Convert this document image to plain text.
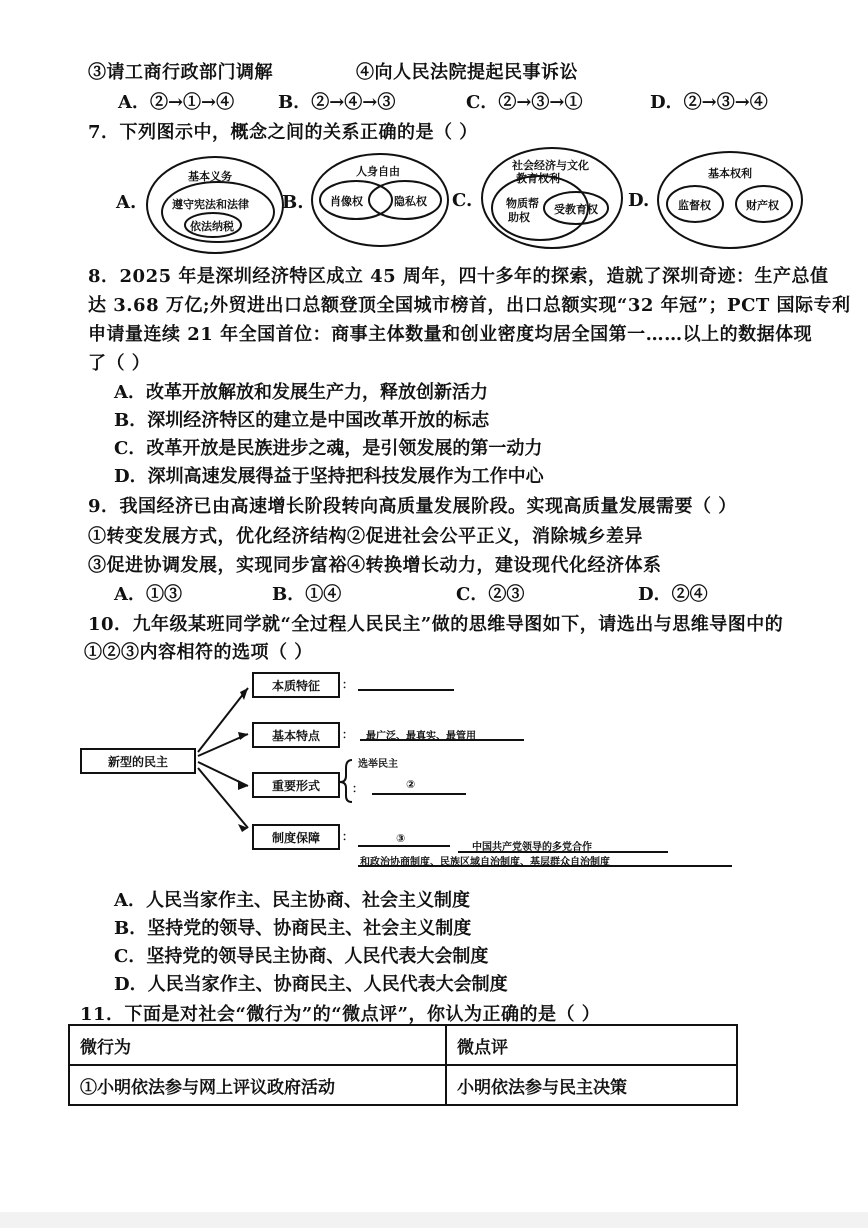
③请工商行政部门调解	④向人民法院提起民事诉讼
A．②→①→④ B．②→④→③	C．②→③→①	D．②→③→④
7．下列图示中，概念之间的关系正确的是（ ）
A.
基本义务
遵守宪法和法律
依法纳税
B.
人身自由
肖像权	隐私权 C.
社会经济与文化
教育权利
物质帮
助权
受教育权 D.
基本权利
监督权	财产权
8．2025 年是深圳经济特区成立 45 周年，四十多年的探索，造就了深圳奇迹：生产总值
达 3.68 万亿;外贸进出口总额登顶全国城市榜首，出口总额实现“32 年冠”；PCT 国际专利
申请量连续 21 年全国首位：商事主体数量和创业密度均居全国第一……以上的数据体现
了（ ）
A．改革开放解放和发展生产力，释放创新活力
B．深圳经济特区的建立是中国改革开放的标志
C．改革开放是民族进步之魂，是引领发展的第一动力
D．深圳高速发展得益于坚持把科技发展作为工作中心
9．我国经济已由高速增长阶段转向高质量发展阶段。实现高质量发展需要（ ）
①转变发展方式，优化经济结构②促进社会公平正义，消除城乡差异
③促进协调发展，实现同步富裕④转换增长动力，建设现代化经济体系
A．①③	B．①④	C．②③	D．②④
10．九年级某班同学就“全过程人民民主”做的思维导图如下，请选出与思维导图中的
①②③内容相符的选项（ ）
新型的民主
本质特征
基本特点
重要形式
制度保障
：
： 最广泛、最真实、最管用
选举民主
：	②
：	③
中国共产党领导的多党合作
和政治协商制度、民族区域自治制度、基层群众自治制度
A．人民当家作主、民主协商、社会主义制度
B．坚持党的领导、协商民主、社会主义制度
C．坚持党的领导民主协商、人民代表大会制度
D．人民当家作主、协商民主、人民代表大会制度
11．下面是对社会“微行为”的“微点评”，你认为正确的是（ ）
微行为	微点评
①小明依法参与网上评议政府活动	小明依法参与民主决策
